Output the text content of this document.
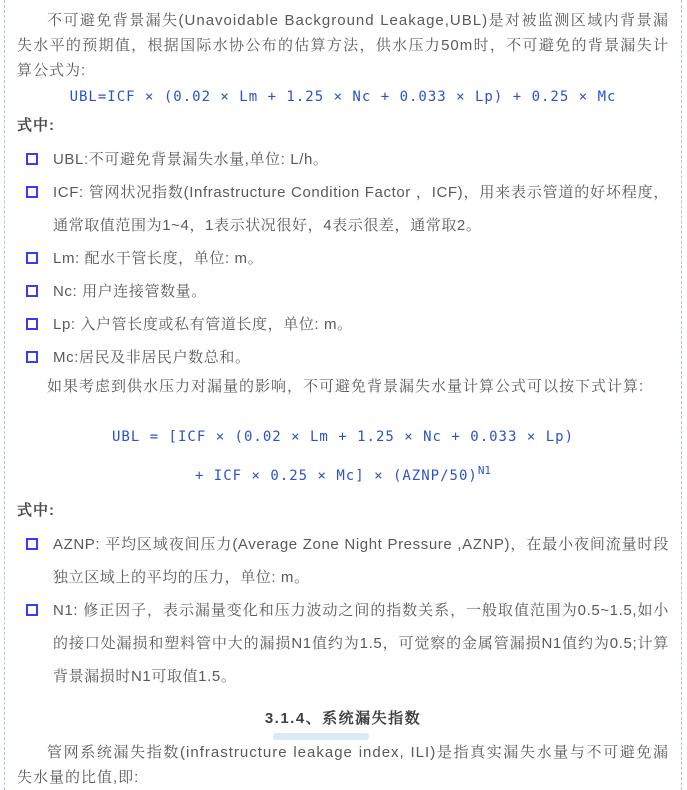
不可避免背景漏失(Unavoidable Background Leakage,UBL)是对被监测区域内背景漏失水平的预期值，根据国际水协公布的估算方法，供水压力50m时，不可避免的背景漏失计算公式为:

UBL=ICF × (0.02 × Lm + 1.25 × Nc + 0.033 × Lp) + 0.25 × Mc

式中:

UBL:不可避免背景漏失水量,单位: L/h。
ICF: 管网状况指数(Infrastructure Condition Factor ，ICF)，用来表示管道的好坏程度，通常取值范围为1~4，1表示状况很好，4表示很差，通常取2。
Lm: 配水干管长度，单位: m。
Nc: 用户连接管数量。
Lp: 入户管长度或私有管道长度，单位: m。
Mc:居民及非居民户数总和。

如果考虑到供水压力对漏量的影响，不可避免背景漏失水量计算公式可以按下式计算:

UBL = [ICF × (0.02 × Lm + 1.25 × Nc + 0.033 × Lp)

+ ICF × 0.25 × Mc] × (AZNP/50)$^{N1}$

式中:

AZNP: 平均区域夜间压力(Average Zone Night Pressure ,AZNP)，在最小夜间流量时段独立区域上的平均的压力，单位: m。
N1: 修正因子，表示漏量变化和压力波动之间的指数关系，一般取值范围为0.5~1.5,如小的接口处漏损和塑料管中大的漏损N1值约为1.5，可觉察的金属管漏损N1值约为0.5;计算背景漏损时N1可取值1.5。
3.1.4、系统漏失指数

管网系统漏失指数(infrastructure leakage index, ILI)是指真实漏失水量与不可避免漏失水量的比值,即:
